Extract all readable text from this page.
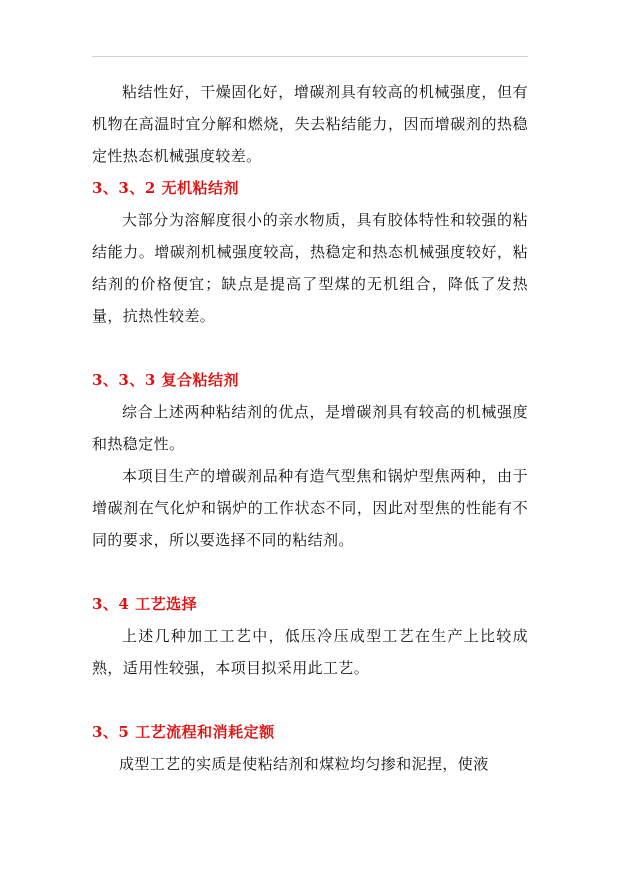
粘结性好，干燥固化好，增碳剂具有较高的机械强度，但有机物在高温时宜分解和燃烧，失去粘结能力，因而增碳剂的热稳定性热态机械强度较差。

3、3、2 无机粘结剂

大部分为溶解度很小的亲水物质，具有胶体特性和较强的粘结能力。增碳剂机械强度较高，热稳定和热态机械强度较好，粘结剂的价格便宜；缺点是提高了型煤的无机组合，降低了发热量，抗热性较差。

3、3、3 复合粘结剂

综合上述两种粘结剂的优点，是增碳剂具有较高的机械强度和热稳定性。

本项目生产的增碳剂品种有造气型焦和锅炉型焦两种，由于增碳剂在气化炉和锅炉的工作状态不同，因此对型焦的性能有不同的要求，所以要选择不同的粘结剂。

3、4 工艺选择

上述几种加工工艺中，低压冷压成型工艺在生产上比较成熟，适用性较强，本项目拟采用此工艺。

3、5 工艺流程和消耗定额

成型工艺的实质是使粘结剂和煤粒均匀掺和泥捏，使液
